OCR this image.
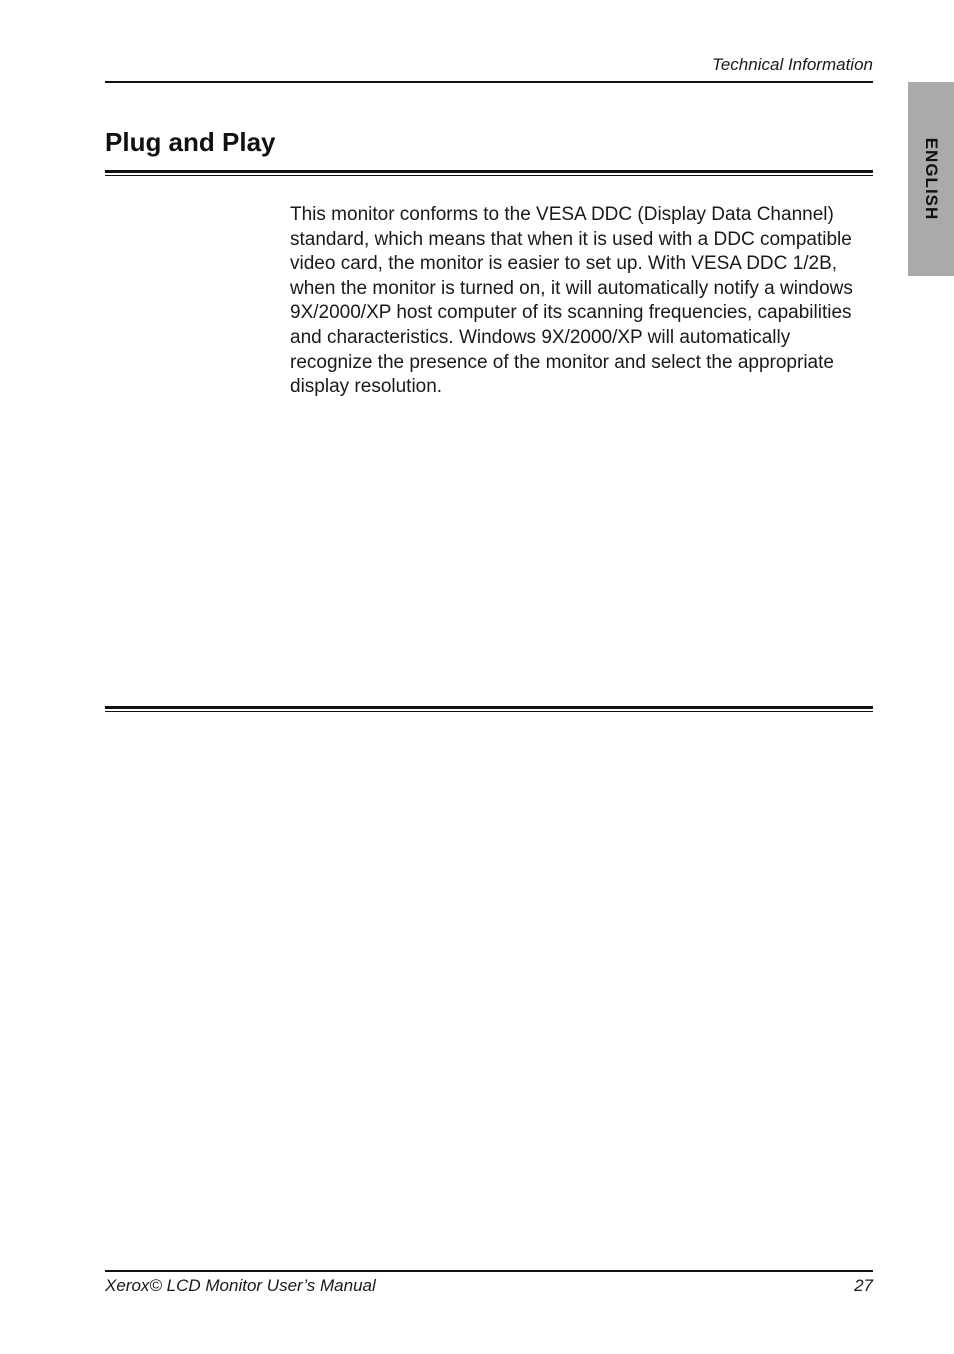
Technical Information
ENGLISH
Plug and Play

This monitor conforms to the VESA DDC (Display Data Channel) standard, which means that when it is used with a DDC compatible video card, the monitor is easier to set up. With VESA DDC 1/2B, when the monitor is turned on, it will automatically notify a windows 9X/2000/XP host computer of its scanning frequencies, capabilities and characteristics. Windows 9X/2000/XP will automatically recognize the presence of the monitor and select the appropriate display resolution.

Xerox© LCD Monitor User’s Manual	27
